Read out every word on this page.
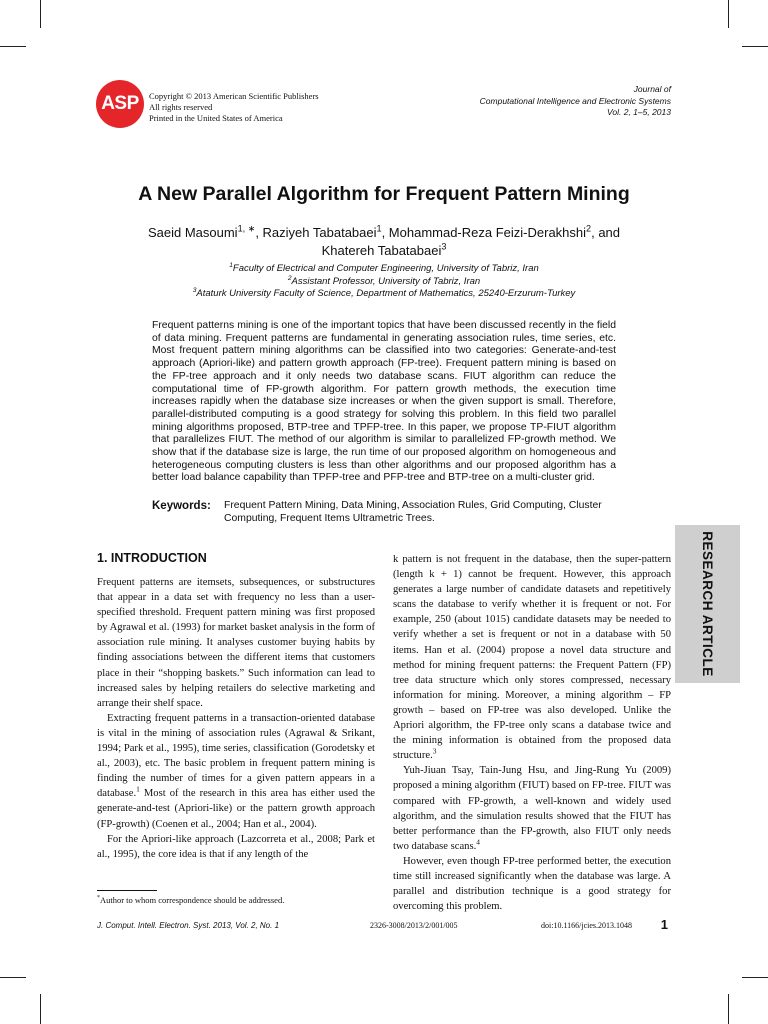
ASP	Copyright © 2013 American Scientific Publishers
All rights reserved
Printed in the United States of America
Journal of
Computational Intelligence and Electronic Systems
Vol. 2, 1–5, 2013
A New Parallel Algorithm for Frequent Pattern Mining
Saeid Masoumi$^{1, ∗}$, Raziyeh Tabatabaei$^1$, Mohammad-Reza Feizi-Derakhshi$^2$, and
Khatereh Tabatabaei$^3$
$^1$Faculty of Electrical and Computer Engineering, University of Tabriz, Iran
$^2$Assistant Professor, University of Tabriz, Iran
$^3$Ataturk University Faculty of Science, Department of Mathematics, 25240-Erzurum-Turkey
Frequent patterns mining is one of the important topics that have been discussed recently in the field of data mining. Frequent patterns are fundamental in generating association rules, time series, etc. Most frequent pattern mining algorithms can be classified into two categories: Generate-and-test approach (Apriori-like) and pattern growth approach (FP-tree). Frequent pattern mining is based on the FP-tree approach and it only needs two database scans. FIUT algorithm can reduce the computational time of FP-growth algorithm. For pattern growth methods, the execution time increases rapidly when the database size increases or when the given support is small. Therefore, parallel-distributed computing is a good strategy for solving this problem. In this field two parallel mining algorithms proposed, BTP-tree and TPFP-tree. In this paper, we propose TP-FIUT algorithm that parallelizes FIUT. The method of our algorithm is similar to parallelized FP-growth method. We show that if the database size is large, the run time of our proposed algorithm on homogeneous and heterogeneous computing clusters is less than other algorithms and our proposed algorithm has a better load balance capability than TPFP-tree and PFP-tree and BTP-tree on a multi-cluster grid.
Keywords: Frequent Pattern Mining, Data Mining, Association Rules, Grid Computing, Cluster Computing, Frequent Items Ultrametric Trees.
RESEARCH ARTICLE
1. INTRODUCTION

Frequent patterns are itemsets, subsequences, or substructures that appear in a data set with frequency no less than a user-specified threshold. Frequent pattern mining was first proposed by Agrawal et al. (1993) for market basket analysis in the form of association rule mining. It analyses customer buying habits by finding associations between the different items that customers place in their “shopping baskets.” Such information can lead to increased sales by helping retailers do selective marketing and arrange their shelf space.

Extracting frequent patterns in a transaction-oriented database is vital in the mining of association rules (Agrawal & Srikant, 1994; Park et al., 1995), time series, classification (Gorodetsky et al., 2003), etc. The basic problem in frequent pattern mining is finding the number of times for a given pattern appears in a database.$^1$ Most of the research in this area has either used the generate-and-test (Apriori-like) or the pattern growth approach (FP-growth) (Coenen et al., 2004; Han et al., 2004).

For the Apriori-like approach (Lazcorreta et al., 2008; Park et al., 1995), the core idea is that if any length of the

k pattern is not frequent in the database, then the super-pattern (length k + 1) cannot be frequent. However, this approach generates a large number of candidate datasets and repetitively scans the database to verify whether it is frequent or not. For example, 250 (about 1015) candidate datasets may be needed to verify whether a set is frequent or not in a database with 50 items. Han et al. (2004) propose a novel data structure and method for mining frequent patterns: the Frequent Pattern (FP) tree data structure which only stores compressed, necessary information for mining. Moreover, a mining algorithm – FP growth – based on FP-tree was also developed. Unlike the Apriori algorithm, the FP-tree only scans a database twice and the mining information is obtained from the proposed data structure.$^3$

Yuh-Jiuan Tsay, Tain-Jung Hsu, and Jing-Rung Yu (2009) proposed a mining algorithm (FIUT) based on FP-tree. FIUT was compared with FP-growth, a well-known and widely used algorithm, and the simulation results showed that the FIUT has better performance than the FP-growth, also FIUT only needs two database scans.$^4$

However, even though FP-tree performed better, the execution time still increased significantly when the database was large. A parallel and distribution technique is a good strategy for overcoming this problem.

*Author to whom correspondence should be addressed.
J. Comput. Intell. Electron. Syst. 2013, Vol. 2, No. 1	2326-3008/2013/2/001/005	doi:10.1166/jcies.2013.1048 1
